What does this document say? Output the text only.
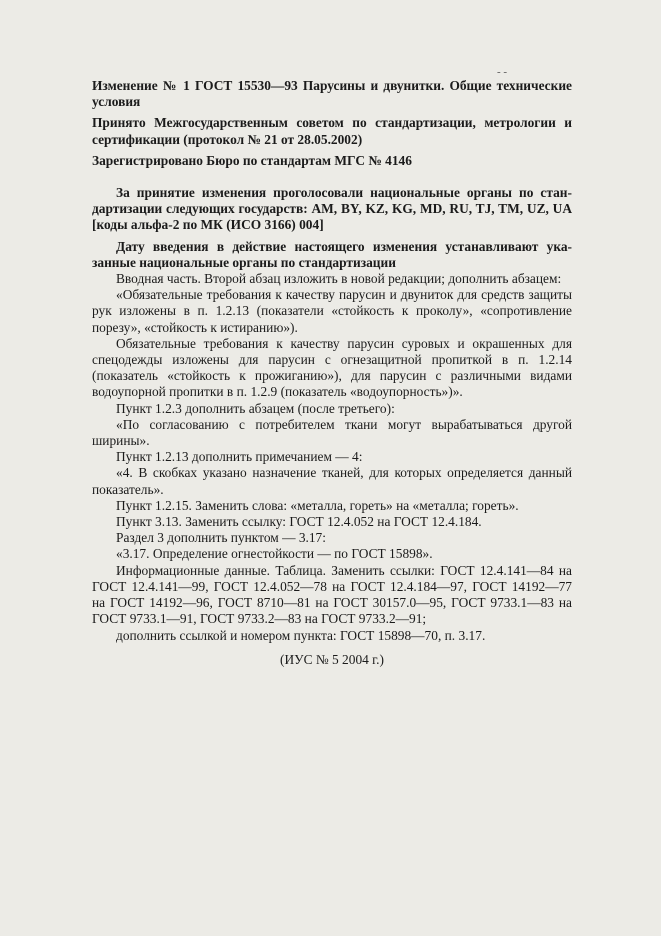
- -

Изменение № 1 ГОСТ 15530—93 Парусины и двунитки. Общие технические условия

Принято Межгосударственным советом по стандартизации, метрологии и сертификации (протокол № 21 от 28.05.2002)

Зарегистрировано Бюро по стандартам МГС № 4146

За принятие изменения проголосовали национальные органы по стандартизации следующих государств: AM, BY, KZ, KG, MD, RU, TJ, TM, UZ, UA [коды альфа-2 по МК (ИСО 3166) 004]

Дату введения в действие настоящего изменения устанавливают указанные национальные органы по стандартизации

Вводная часть. Второй абзац изложить в новой редакции; дополнить абзацем:

«Обязательные требования к качеству парусин и двуниток для средств защиты рук изложены в п. 1.2.13 (показатели «стойкость к проколу», «сопротивление порезу», «стойкость к истиранию»).

Обязательные требования к качеству парусин суровых и окрашенных для спецодежды изложены для парусин с огнезащитной пропиткой в п. 1.2.14 (показатель «стойкость к прожиганию»), для парусин с различными видами водоупорной пропитки в п. 1.2.9 (показатель «водоупорность»)».

Пункт 1.2.3 дополнить абзацем (после третьего):

«По согласованию с потребителем ткани могут вырабатываться другой ширины».

Пункт 1.2.13 дополнить примечанием — 4:

«4. В скобках указано назначение тканей, для которых определяется данный показатель».

Пункт 1.2.15. Заменить слова: «металла, гореть» на «металла; гореть».

Пункт 3.13. Заменить ссылку: ГОСТ 12.4.052 на ГОСТ 12.4.184.

Раздел 3 дополнить пунктом — 3.17:

«3.17. Определение огнестойкости — по ГОСТ 15898».

Информационные данные. Таблица. Заменить ссылки: ГОСТ 12.4.141—84 на ГОСТ 12.4.141—99, ГОСТ 12.4.052—78 на ГОСТ 12.4.184—97, ГОСТ 14192—77 на ГОСТ 14192—96, ГОСТ 8710—81 на ГОСТ 30157.0—95, ГОСТ 9733.1—83 на ГОСТ 9733.1—91, ГОСТ 9733.2—83 на ГОСТ 9733.2—91;

дополнить ссылкой и номером пункта: ГОСТ 15898—70, п. 3.17.

(ИУС № 5 2004 г.)
